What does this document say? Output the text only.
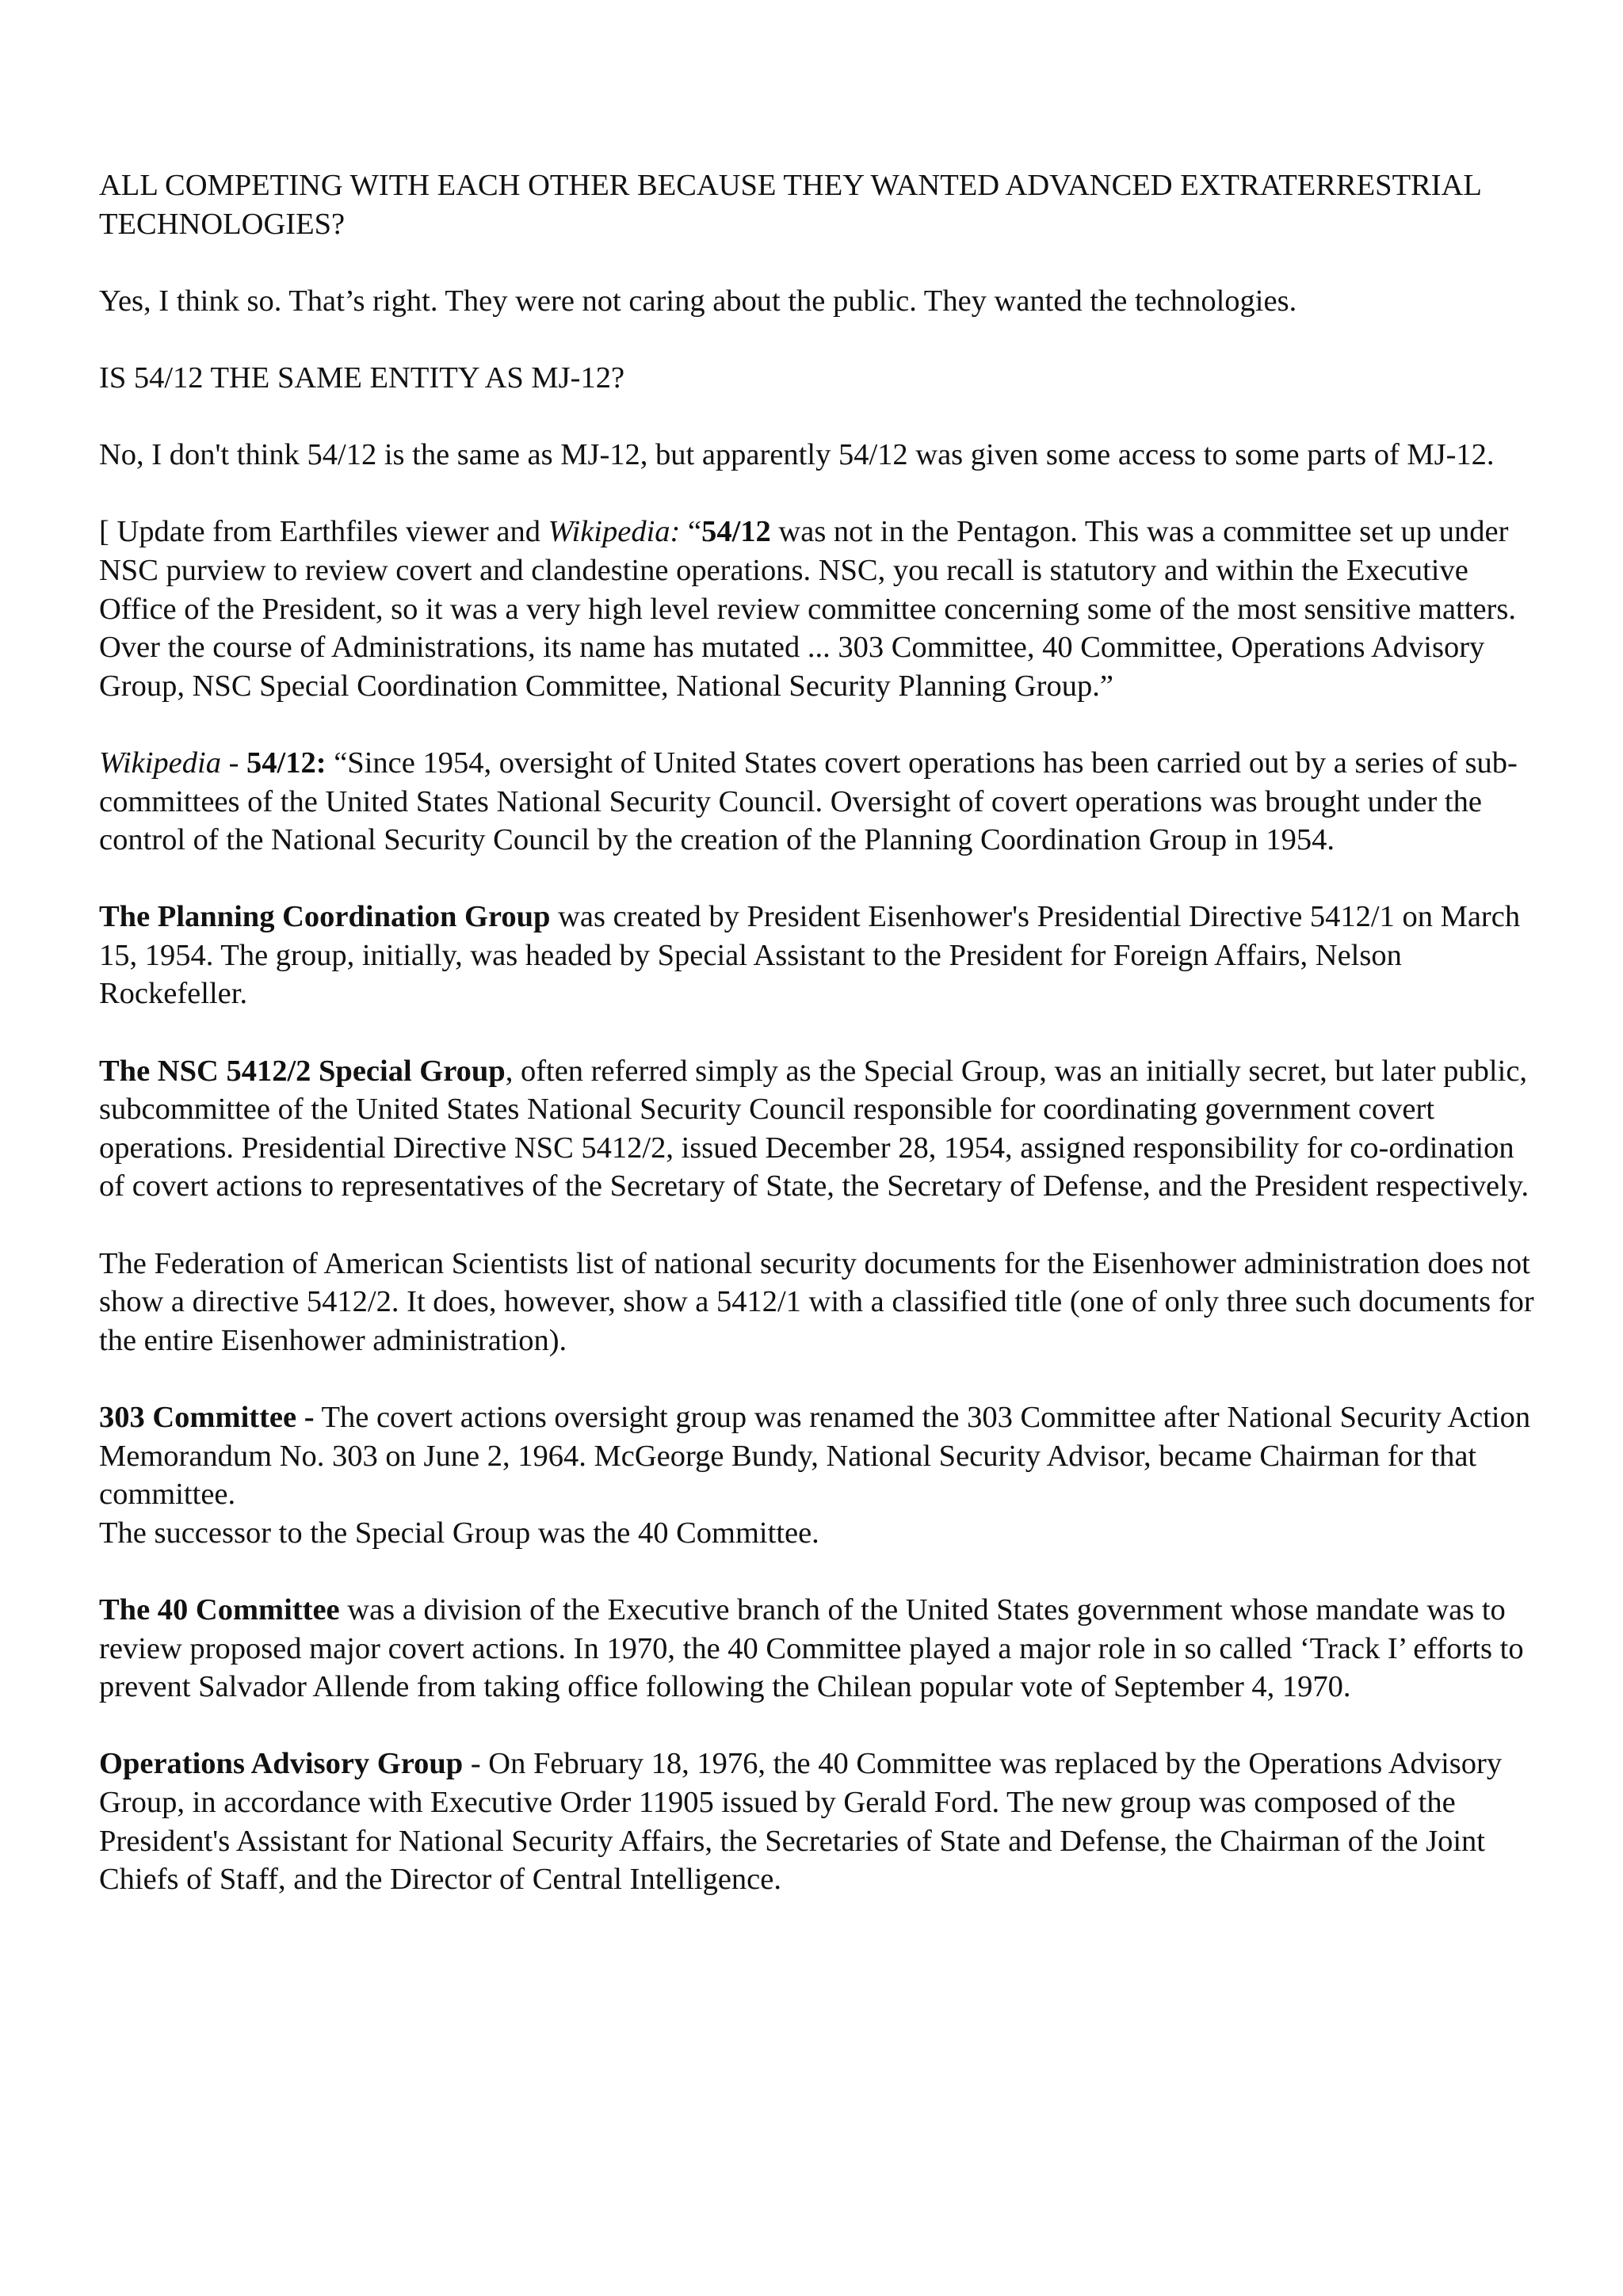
ALL COMPETING WITH EACH OTHER BECAUSE THEY WANTED ADVANCED EXTRATERRESTRIAL TECHNOLOGIES?

Yes, I think so. That’s right. They were not caring about the public. They wanted the technologies.

IS 54/12 THE SAME ENTITY AS MJ-12?

No, I don't think 54/12 is the same as MJ-12, but apparently 54/12 was given some access to some parts of MJ-12.

[ Update from Earthfiles viewer and Wikipedia: “54/12 was not in the Pentagon. This was a committee set up under NSC purview to review covert and clandestine operations. NSC, you recall is statutory and within the Executive Office of the President, so it was a very high level review committee concerning some of the most sensitive matters. Over the course of Administrations, its name has mutated ... 303 Committee, 40 Committee, Operations Advisory Group, NSC Special Coordination Committee, National Security Planning Group.”

Wikipedia - 54/12: “Since 1954, oversight of United States covert operations has been carried out by a series of sub-committees of the United States National Security Council. Oversight of covert operations was brought under the control of the National Security Council by the creation of the Planning Coordination Group in 1954.

The Planning Coordination Group was created by President Eisenhower's Presidential Directive 5412/1 on March 15, 1954. The group, initially, was headed by Special Assistant to the President for Foreign Affairs, Nelson Rockefeller.

The NSC 5412/2 Special Group, often referred simply as the Special Group, was an initially secret, but later public, subcommittee of the United States National Security Council responsible for coordinating government covert operations. Presidential Directive NSC 5412/2, issued December 28, 1954, assigned responsibility for co-ordination of covert actions to representatives of the Secretary of State, the Secretary of Defense, and the President respectively.

The Federation of American Scientists list of national security documents for the Eisenhower administration does not show a directive 5412/2. It does, however, show a 5412/1 with a classified title (one of only three such documents for the entire Eisenhower administration).

303 Committee - The covert actions oversight group was renamed the 303 Committee after National Security Action Memorandum No. 303 on June 2, 1964. McGeorge Bundy, National Security Advisor, became Chairman for that committee.

The successor to the Special Group was the 40 Committee.

The 40 Committee was a division of the Executive branch of the United States government whose mandate was to review proposed major covert actions. In 1970, the 40 Committee played a major role in so called ‘Track I’ efforts to prevent Salvador Allende from taking office following the Chilean popular vote of September 4, 1970.

Operations Advisory Group - On February 18, 1976, the 40 Committee was replaced by the Operations Advisory Group, in accordance with Executive Order 11905 issued by Gerald Ford. The new group was composed of the President's Assistant for National Security Affairs, the Secretaries of State and Defense, the Chairman of the Joint Chiefs of Staff, and the Director of Central Intelligence.
